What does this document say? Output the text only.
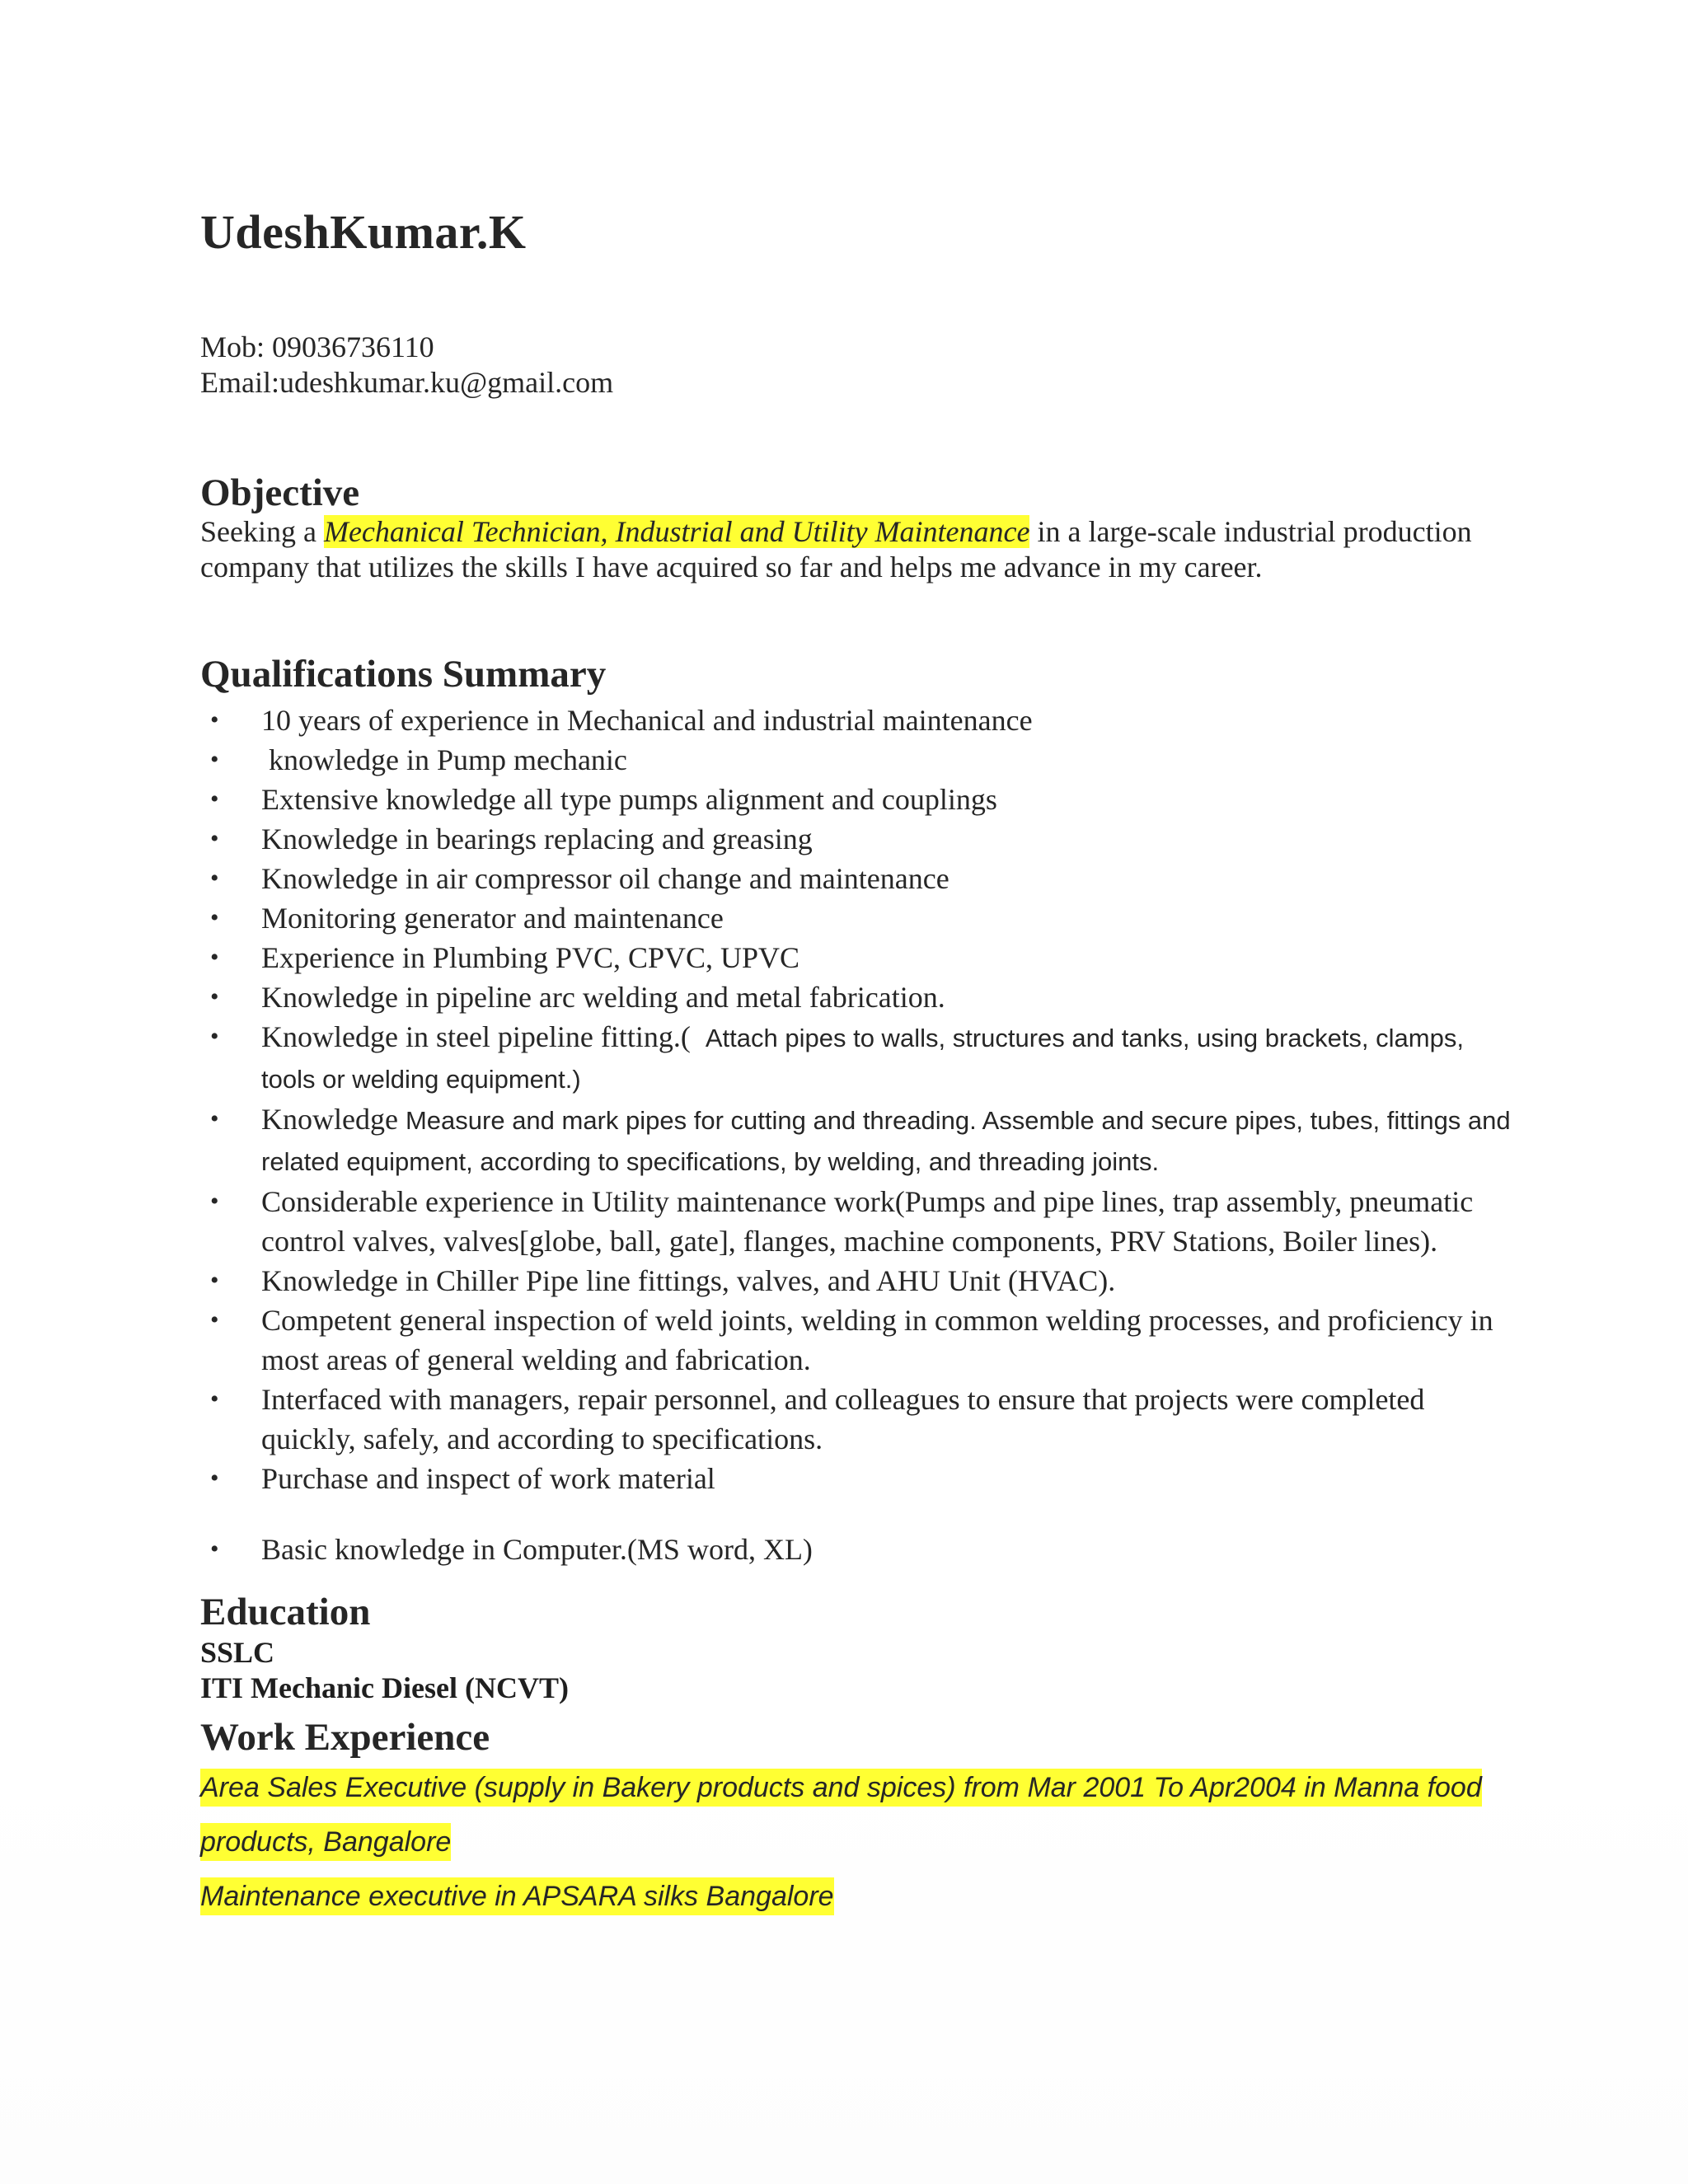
UdeshKumar.K
Mob: 09036736110
Email:udeshkumar.ku@gmail.com
Objective
Seeking a Mechanical Technician, Industrial and Utility Maintenance in a large-scale industrial production company that utilizes the skills I have acquired so far and helps me advance in my career.
Qualifications Summary
• 10 years of experience in Mechanical and industrial maintenance
• knowledge in Pump mechanic
• Extensive knowledge all type pumps alignment and couplings
• Knowledge in bearings replacing and greasing
• Knowledge in air compressor oil change and maintenance
• Monitoring generator and maintenance
• Experience in Plumbing PVC, CPVC, UPVC
• Knowledge in pipeline arc welding and metal fabrication.
• Knowledge in steel pipeline fitting.( Attach pipes to walls, structures and tanks, using brackets, clamps, tools or welding equipment.)
• Knowledge Measure and mark pipes for cutting and threading. Assemble and secure pipes, tubes, fittings and related equipment, according to specifications, by welding, and threading joints.
• Considerable experience in Utility maintenance work(Pumps and pipe lines, trap assembly, pneumatic control valves, valves[globe, ball, gate], flanges, machine components, PRV Stations, Boiler lines).
• Knowledge in Chiller Pipe line fittings, valves, and AHU Unit (HVAC).
• Competent general inspection of weld joints, welding in common welding processes, and proficiency in most areas of general welding and fabrication.
• Interfaced with managers, repair personnel, and colleagues to ensure that projects were completed quickly, safely, and according to specifications.
• Purchase and inspect of work material
• Basic knowledge in Computer.(MS word, XL)
Education
SSLC
ITI Mechanic Diesel (NCVT)
Work Experience
Area Sales Executive (supply in Bakery products and spices) from Mar 2001 To Apr2004 in Manna food
products, Bangalore
Maintenance executive in APSARA silks Bangalore
